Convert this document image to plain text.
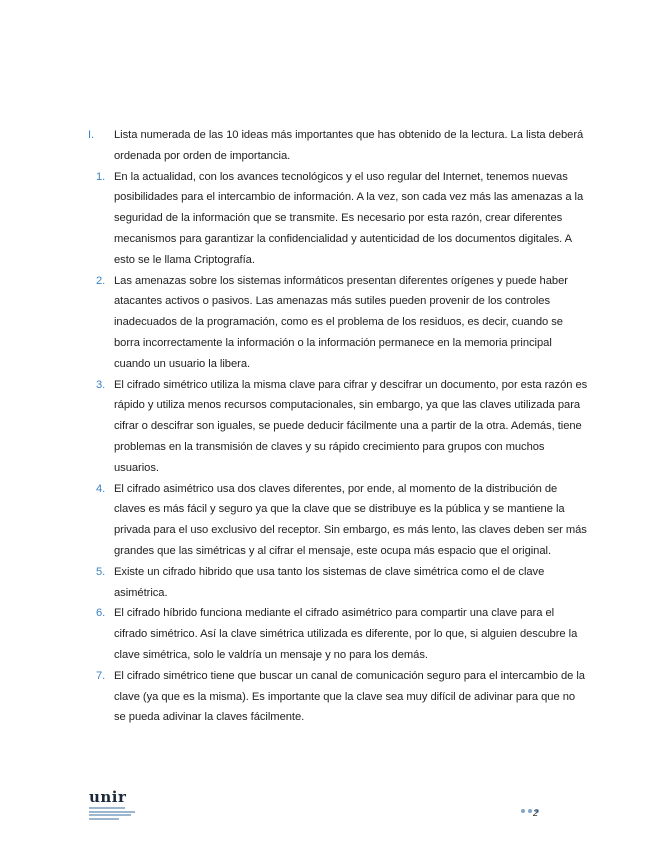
I. Lista numerada de las 10 ideas más importantes que has obtenido de la lectura. La lista deberá ordenada por orden de importancia.
1. En la actualidad, con los avances tecnológicos y el uso regular del Internet, tenemos nuevas posibilidades para el intercambio de información. A la vez, son cada vez más las amenazas a la seguridad de la información que se transmite. Es necesario por esta razón, crear diferentes mecanismos para garantizar la confidencialidad y autenticidad de los documentos digitales. A esto se le llama Criptografía.
2. Las amenazas sobre los sistemas informáticos presentan diferentes orígenes y puede haber atacantes activos o pasivos. Las amenazas más sutiles pueden provenir de los controles inadecuados de la programación, como es el problema de los residuos, es decir, cuando se borra incorrectamente la información o la información permanece en la memoria principal cuando un usuario la libera.
3. El cifrado simétrico utiliza la misma clave para cifrar y descifrar un documento, por esta razón es rápido y utiliza menos recursos computacionales, sin embargo, ya que las claves utilizada para cifrar o descifrar son iguales, se puede deducir fácilmente una a partir de la otra. Además, tiene problemas en la transmisión de claves y su rápido crecimiento para grupos con muchos usuarios.
4. El cifrado asimétrico usa dos claves diferentes, por ende, al momento de la distribución de claves es más fácil y seguro ya que la clave que se distribuye es la pública y se mantiene la privada para el uso exclusivo del receptor. Sin embargo, es más lento, las claves deben ser más grandes que las simétricas y al cifrar el mensaje, este ocupa más espacio que el original.
5. Existe un cifrado hibrido que usa tanto los sistemas de clave simétrica como el de clave asimétrica.
6. El cifrado híbrido funciona mediante el cifrado asimétrico para compartir una clave para el cifrado simétrico. Así la clave simétrica utilizada es diferente, por lo que, si alguien descubre la clave simétrica, solo le valdría un mensaje y no para los demás.
7. El cifrado simétrico tiene que buscar un canal de comunicación seguro para el intercambio de la clave (ya que es la misma). Es importante que la clave sea muy difícil de adivinar para que no se pueda adivinar la claves fácilmente.
unir
2
